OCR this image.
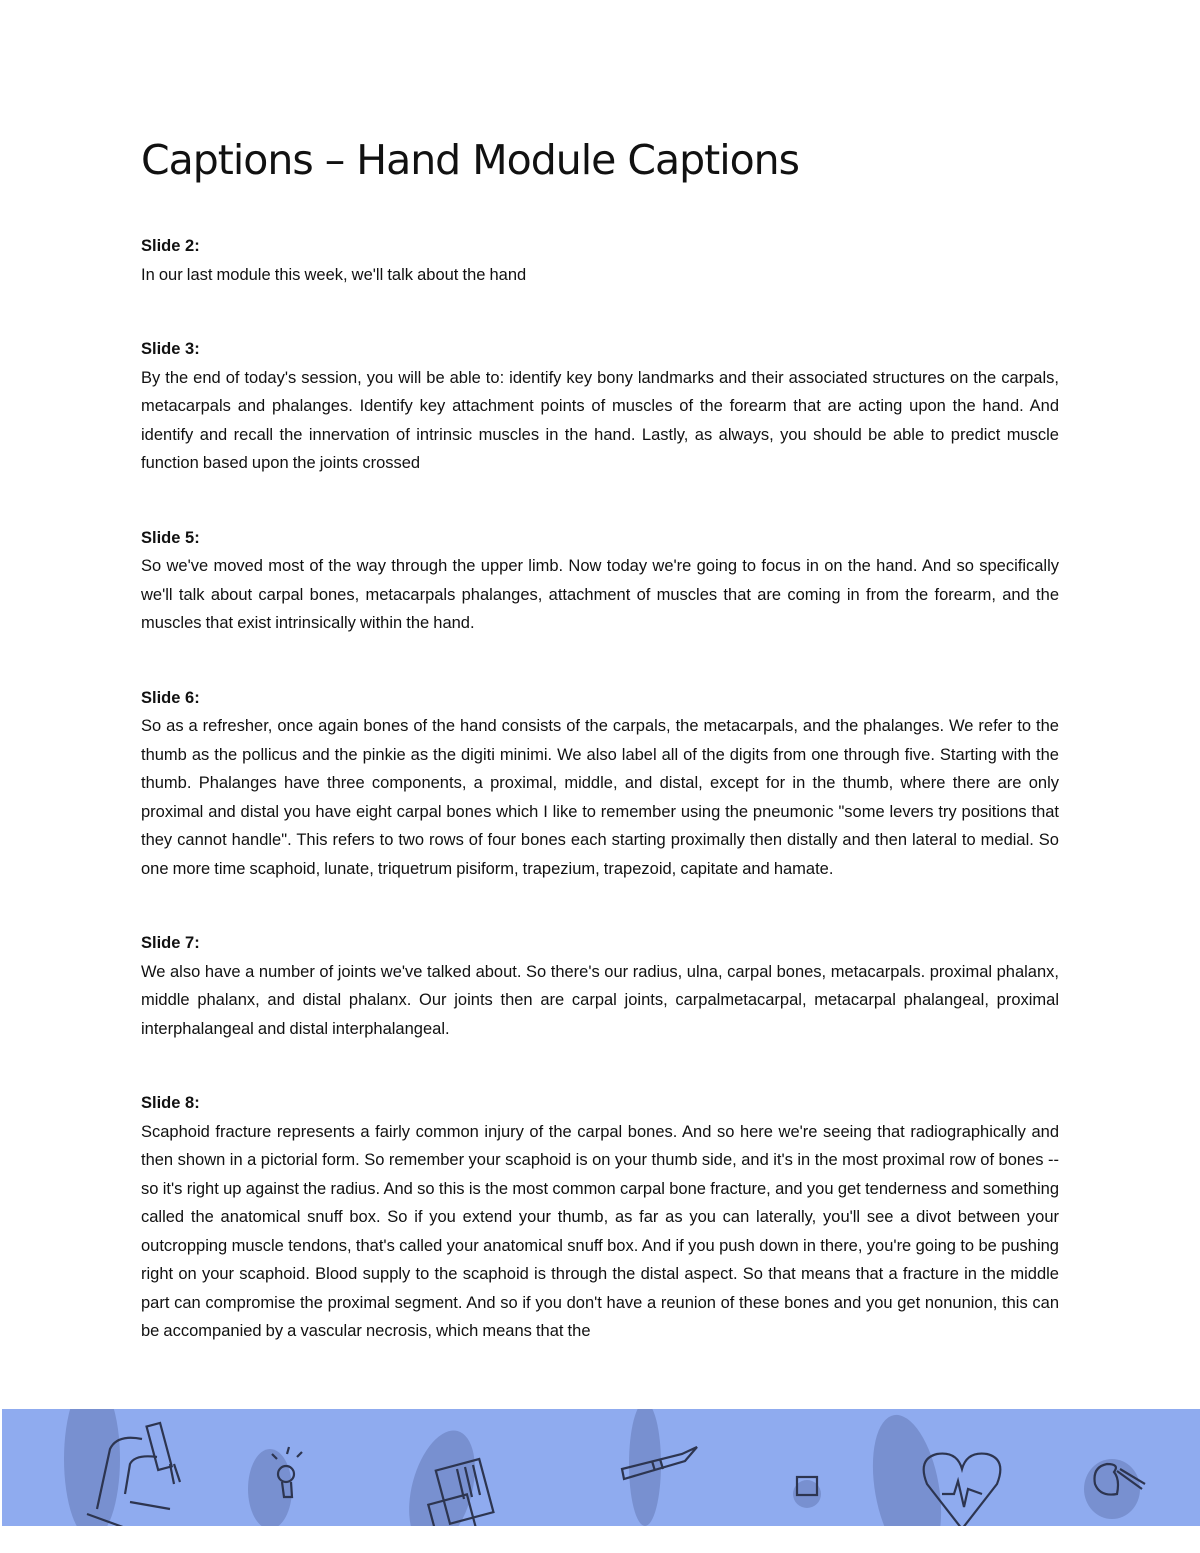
Captions – Hand Module Captions
Slide 2:

In our last module this week, we'll talk about the hand

Slide 3:

By the end of today's session, you will be able to: identify key bony landmarks and their associated structures on the carpals, metacarpals and phalanges. Identify key attachment points of muscles of the forearm that are acting upon the hand. And identify and recall the innervation of intrinsic muscles in the hand. Lastly, as always, you should be able to predict muscle function based upon the joints crossed

Slide 5:

So we've moved most of the way through the upper limb. Now today we're going to focus in on the hand. And so specifically we'll talk about carpal bones, metacarpals phalanges, attachment of muscles that are coming in from the forearm, and the muscles that exist intrinsically within the hand.

Slide 6:

So as a refresher, once again bones of the hand consists of the carpals, the metacarpals, and the phalanges. We refer to the thumb as the pollicus and the pinkie as the digiti minimi. We also label all of the digits from one through five. Starting with the thumb. Phalanges have three components, a proximal, middle, and distal, except for in the thumb, where there are only proximal and distal you have eight carpal bones which I like to remember using the pneumonic "some levers try positions that they cannot handle". This refers to two rows of four bones each starting proximally then distally and then lateral to medial. So one more time scaphoid, lunate, triquetrum pisiform, trapezium, trapezoid, capitate and hamate.

Slide 7:

We also have a number of joints we've talked about. So there's our radius, ulna, carpal bones, metacarpals. proximal phalanx, middle phalanx, and distal phalanx. Our joints then are carpal joints, carpalmetacarpal, metacarpal phalangeal, proximal interphalangeal and distal interphalangeal.

Slide 8:

Scaphoid fracture represents a fairly common injury of the carpal bones. And so here we're seeing that radiographically and then shown in a pictorial form. So remember your scaphoid is on your thumb side, and it's in the most proximal row of bones -- so it's right up against the radius. And so this is the most common carpal bone fracture, and you get tenderness and something called the anatomical snuff box. So if you extend your thumb, as far as you can laterally, you'll see a divot between your outcropping muscle tendons, that's called your anatomical snuff box. And if you push down in there, you're going to be pushing right on your scaphoid. Blood supply to the scaphoid is through the distal aspect. So that means that a fracture in the middle part can compromise the proximal segment. And so if you don't have a reunion of these bones and you get nonunion, this can be accompanied by a vascular necrosis, which means that the
